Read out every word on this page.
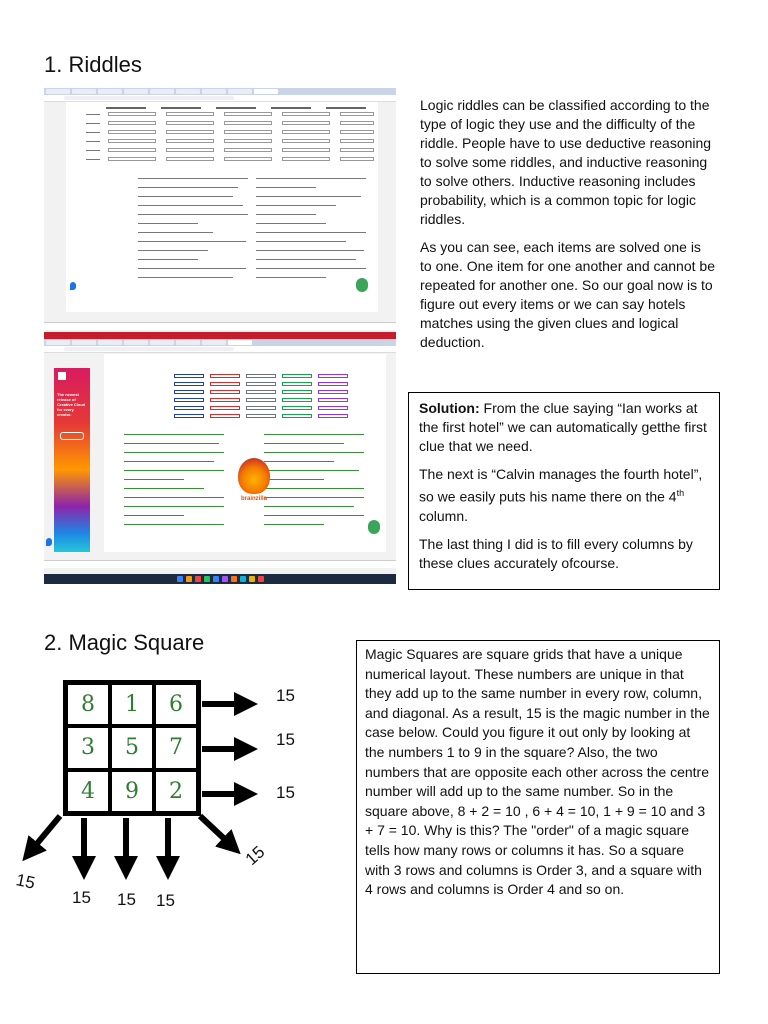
1. Riddles
The newest release of Creative Cloud for every creator.
brainzilla

Logic riddles can be classified according to the type of logic they use and the difficulty of the riddle. People have to use deductive reasoning to solve some riddles, and inductive reasoning to solve others. Inductive reasoning includes probability, which is a common topic for logic riddles.

As you can see, each items are solved one is to one. One item for one another and cannot be repeated for another one. So our goal now is to figure out every items or we can say hotels matches using the given clues and logical deduction.

Solution: From the clue saying “Ian works at the first hotel” we can automatically getthe first clue that we need.

The next is “Calvin manages the fourth hotel”, so we easily puts his name there on the 4th column.

The last thing I did is to fill every columns by these clues accurately ofcourse.

2. Magic Square
8	1	6
3	5	7
4	9	2
15
15
15
15 15 15
15
15

Magic Squares are square grids that have a unique numerical layout. These numbers are unique in that they add up to the same number in every row, column, and diagonal. As a result, 15 is the magic number in the case below. Could you figure it out only by looking at the numbers 1 to 9 in the square? Also, the two numbers that are opposite each other across the centre number will add up to the same number. So in the square above, 8 + 2 = 10 , 6 + 4 = 10, 1 + 9 = 10 and 3 + 7 = 10. Why is this? The "order" of a magic square tells how many rows or columns it has. So a square with 3 rows and columns is Order 3, and a square with 4 rows and columns is Order 4 and so on.
